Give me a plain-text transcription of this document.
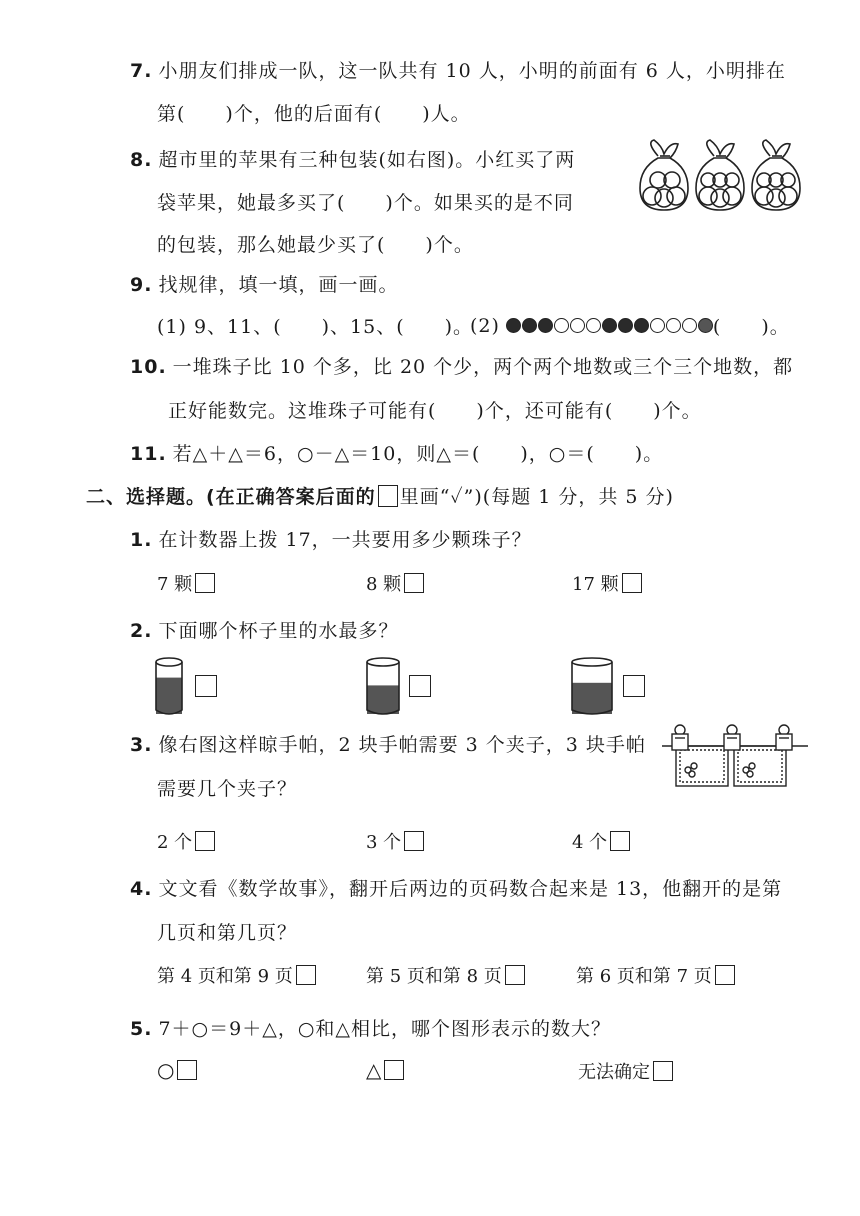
7. 小朋友们排成一队，这一队共有 10 人，小明的前面有 6 人，小明排在
第(　　)个，他的后面有(　　)人。
8. 超市里的苹果有三种包装(如右图)。小红买了两
袋苹果，她最多买了(　　)个。如果买的是不同
的包装，那么她最少买了(　　)个。
9. 找规律，填一填，画一画。
(1) 9、11、(　　)、15、(　　)。
(2)	(　　)。
10. 一堆珠子比 10 个多，比 20 个少，两个两个地数或三个三个地数，都
正好能数完。这堆珠子可能有(　　)个，还可能有(　　)个。
11. 若△＋△＝6，○－△＝10，则△＝(　　)，○＝(　　)。
二、选择题。(在正确答案后面的 里画“✓”)(每题 1 分，共 5 分)
1. 在计数器上拨 17，一共要用多少颗珠子？
7 颗	8 颗	17 颗
2. 下面哪个杯子里的水最多？
3. 像右图这样晾手帕，2 块手帕需要 3 个夹子，3 块手帕
需要几个夹子？
2 个	3 个	4 个
4. 文文看《数学故事》，翻开后两边的页码数合起来是 13，他翻开的是第
几页和第几页？
第 4 页和第 9 页	第 5 页和第 8 页	第 6 页和第 7 页
5. 7＋○＝9＋△，○和△相比，哪个图形表示的数大？
○	△	无法确定
